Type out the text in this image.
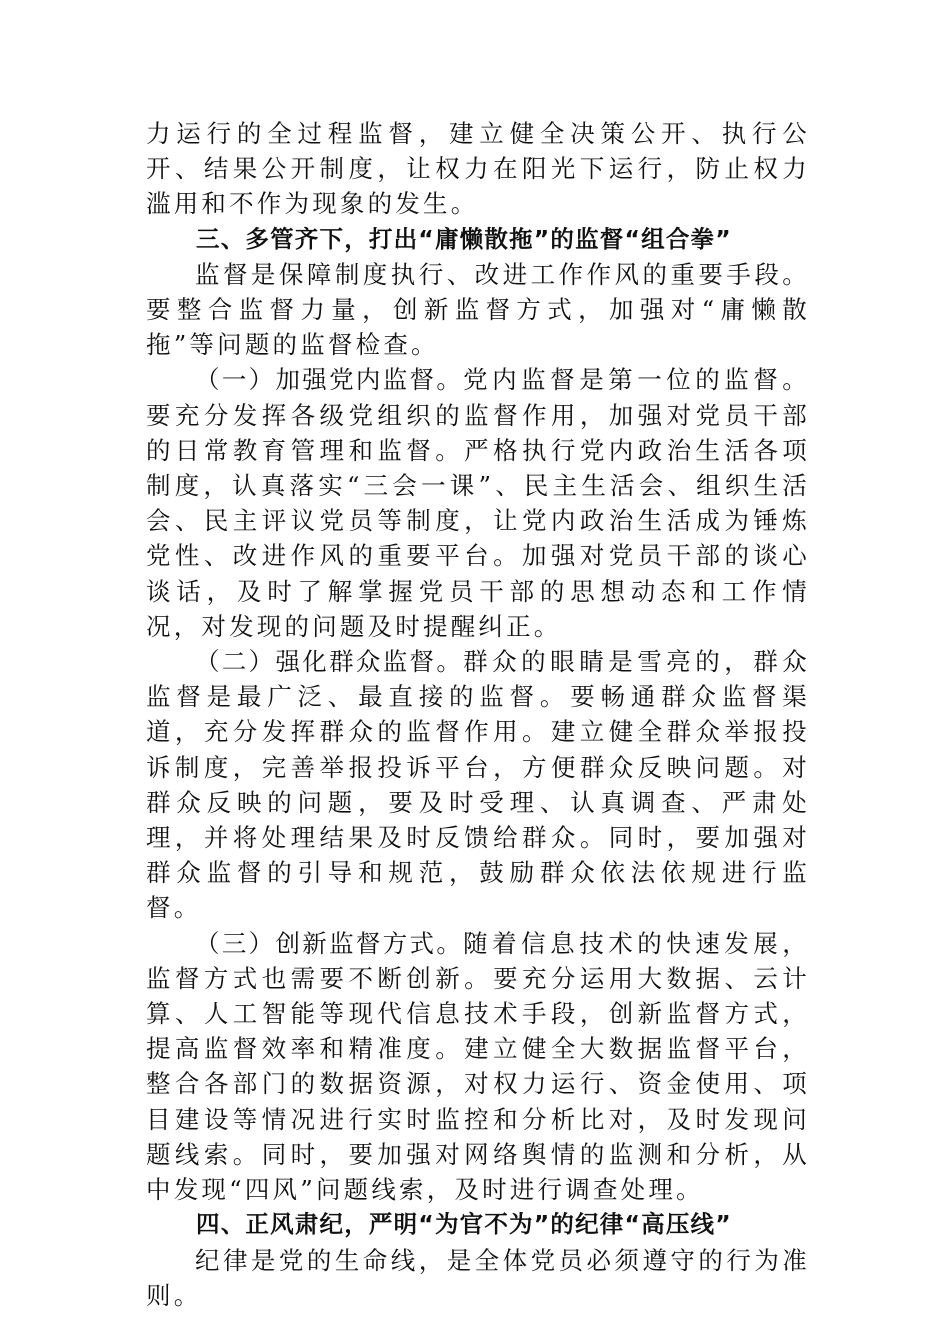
力运行的全过程监督，建立健全决策公开、执行公开、结果公开制度，让权力在阳光下运行，防止权力滥用和不作为现象的发生。

三、多管齐下，打出“庸懒散拖”的监督“组合拳”

监督是保障制度执行、改进工作作风的重要手段。要整合监督力量，创新监督方式，加强对“庸懒散拖”等问题的监督检查。

（一）加强党内监督。党内监督是第一位的监督。要充分发挥各级党组织的监督作用，加强对党员干部的日常教育管理和监督。严格执行党内政治生活各项制度，认真落实“三会一课”、民主生活会、组织生活会、民主评议党员等制度，让党内政治生活成为锤炼党性、改进作风的重要平台。加强对党员干部的谈心谈话，及时了解掌握党员干部的思想动态和工作情况，对发现的问题及时提醒纠正。

（二）强化群众监督。群众的眼睛是雪亮的，群众监督是最广泛、最直接的监督。要畅通群众监督渠道，充分发挥群众的监督作用。建立健全群众举报投诉制度，完善举报投诉平台，方便群众反映问题。对群众反映的问题，要及时受理、认真调查、严肃处理，并将处理结果及时反馈给群众。同时，要加强对群众监督的引导和规范，鼓励群众依法依规进行监督。

（三）创新监督方式。随着信息技术的快速发展，监督方式也需要不断创新。要充分运用大数据、云计算、人工智能等现代信息技术手段，创新监督方式，提高监督效率和精准度。建立健全大数据监督平台，整合各部门的数据资源，对权力运行、资金使用、项目建设等情况进行实时监控和分析比对，及时发现问题线索。同时，要加强对网络舆情的监测和分析，从中发现“四风”问题线索，及时进行调查处理。

四、正风肃纪，严明“为官不为”的纪律“高压线”

纪律是党的生命线，是全体党员必须遵守的行为准则。
